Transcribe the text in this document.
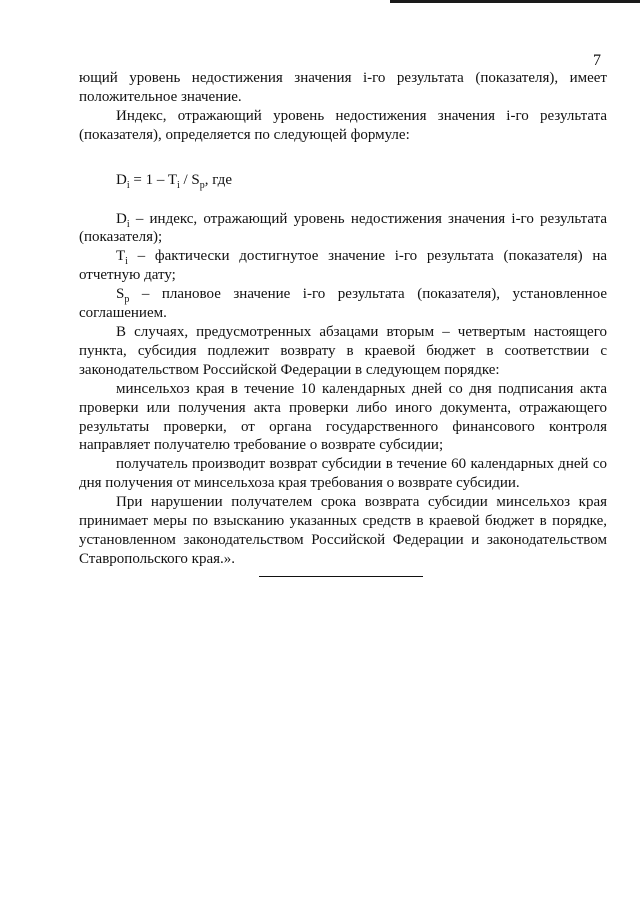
7

ющий уровень недостижения значения i-го результата (показателя), имеет положительное значение.

Индекс, отражающий уровень недостижения значения i-го результата (показателя), определяется по следующей формуле:

$D_i = 1 - T_i / S_p$, где

$D_i$ – индекс, отражающий уровень недостижения значения i-го результата (показателя);

$T_i$ – фактически достигнутое значение i-го результата (показателя) на отчетную дату;

$S_p$ – плановое значение i-го результата (показателя), установленное соглашением.

В случаях, предусмотренных абзацами вторым – четвертым настоящего пункта, субсидия подлежит возврату в краевой бюджет в соответствии с законодательством Российской Федерации в следующем порядке:

минсельхоз края в течение 10 календарных дней со дня подписания акта проверки или получения акта проверки либо иного документа, отражающего результаты проверки, от органа государственного финансового контроля направляет получателю требование о возврате субсидии;

получатель производит возврат субсидии в течение 60 календарных дней со дня получения от минсельхоза края требования о возврате субсидии.

При нарушении получателем срока возврата субсидии минсельхоз края принимает меры по взысканию указанных средств в краевой бюджет в порядке, установленном законодательством Российской Федерации и законодательством Ставропольского края.».
